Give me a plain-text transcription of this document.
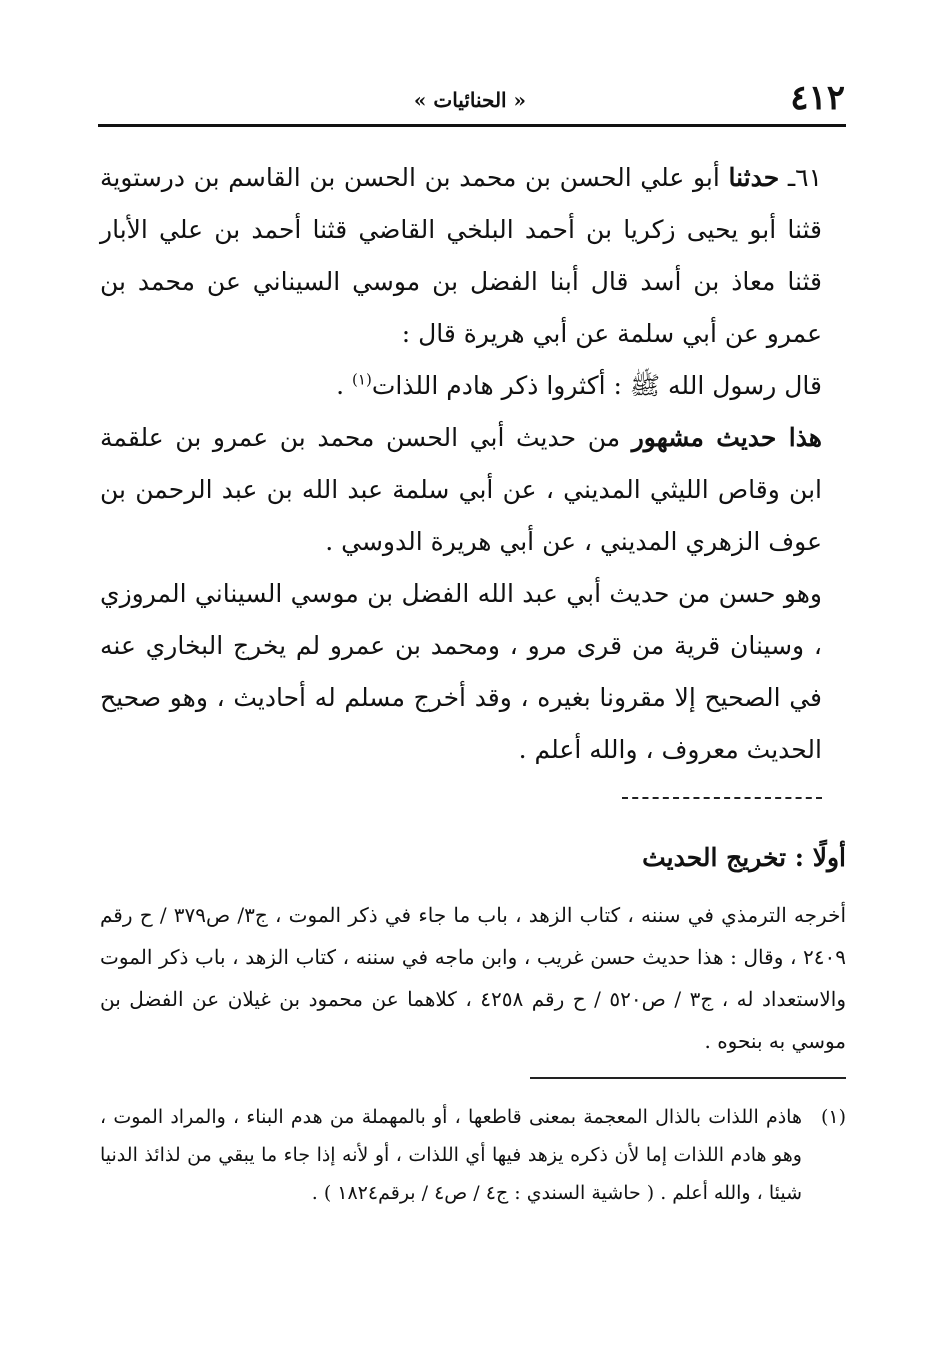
٤١٢
« الحنائيات »

٦١ـ حدثنا أبو علي الحسن بن محمد بن الحسن بن القاسم بن درستوية قثنا أبو يحيى زكريا بن أحمد البلخي القاضي قثنا أحمد بن علي الأبار قثنا معاذ بن أسد قال أبنا الفضل بن موسي السيناني عن محمد بن عمرو عن أبي سلمة عن أبي هريرة قال :

قال رسول الله ﷺ : أكثروا ذكر هادم اللذات$^{(١)}$ .

هذا حديث مشهور من حديث أبي الحسن محمد بن عمرو بن علقمة ابن وقاص الليثي المديني ، عن أبي سلمة عبد الله بن عبد الرحمن بن عوف الزهري المديني ، عن أبي هريرة الدوسي .

وهو حسن من حديث أبي عبد الله الفضل بن موسي السيناني المروزي ، وسينان قرية من قرى مرو ، ومحمد بن عمرو لم يخرج البخاري عنه في الصحيح إلا مقرونا بغيره ، وقد أخرج مسلم له أحاديث ، وهو صحيح الحديث معروف ، والله أعلم .

أولًا : تخريج الحديث

أخرجه الترمذي في سننه ، كتاب الزهد ، باب ما جاء في ذكر الموت ، ج٣/ ص٣٧٩ / ح رقم ٢٤٠٩ ، وقال : هذا حديث حسن غريب ، وابن ماجه في سننه ، كتاب الزهد ، باب ذكر الموت والاستعداد له ، ج٣ / ص٥٢٠ / ح رقم ٤٢٥٨ ، كلاهما عن محمود بن غيلان عن الفضل بن موسي به بنحوه .

(١)
هاذم اللذات بالذال المعجمة بمعنى قاطعها ، أو بالمهملة من هدم البناء ، والمراد الموت ، وهو هادم اللذات إما لأن ذكره يزهد فيها أي اللذات ، أو لأنه إذا جاء ما يبقي من لذائذ الدنيا شيئا ، والله أعلم . ( حاشية السندي : ج٤ / ص٤ / برقم١٨٢٤ ) .
